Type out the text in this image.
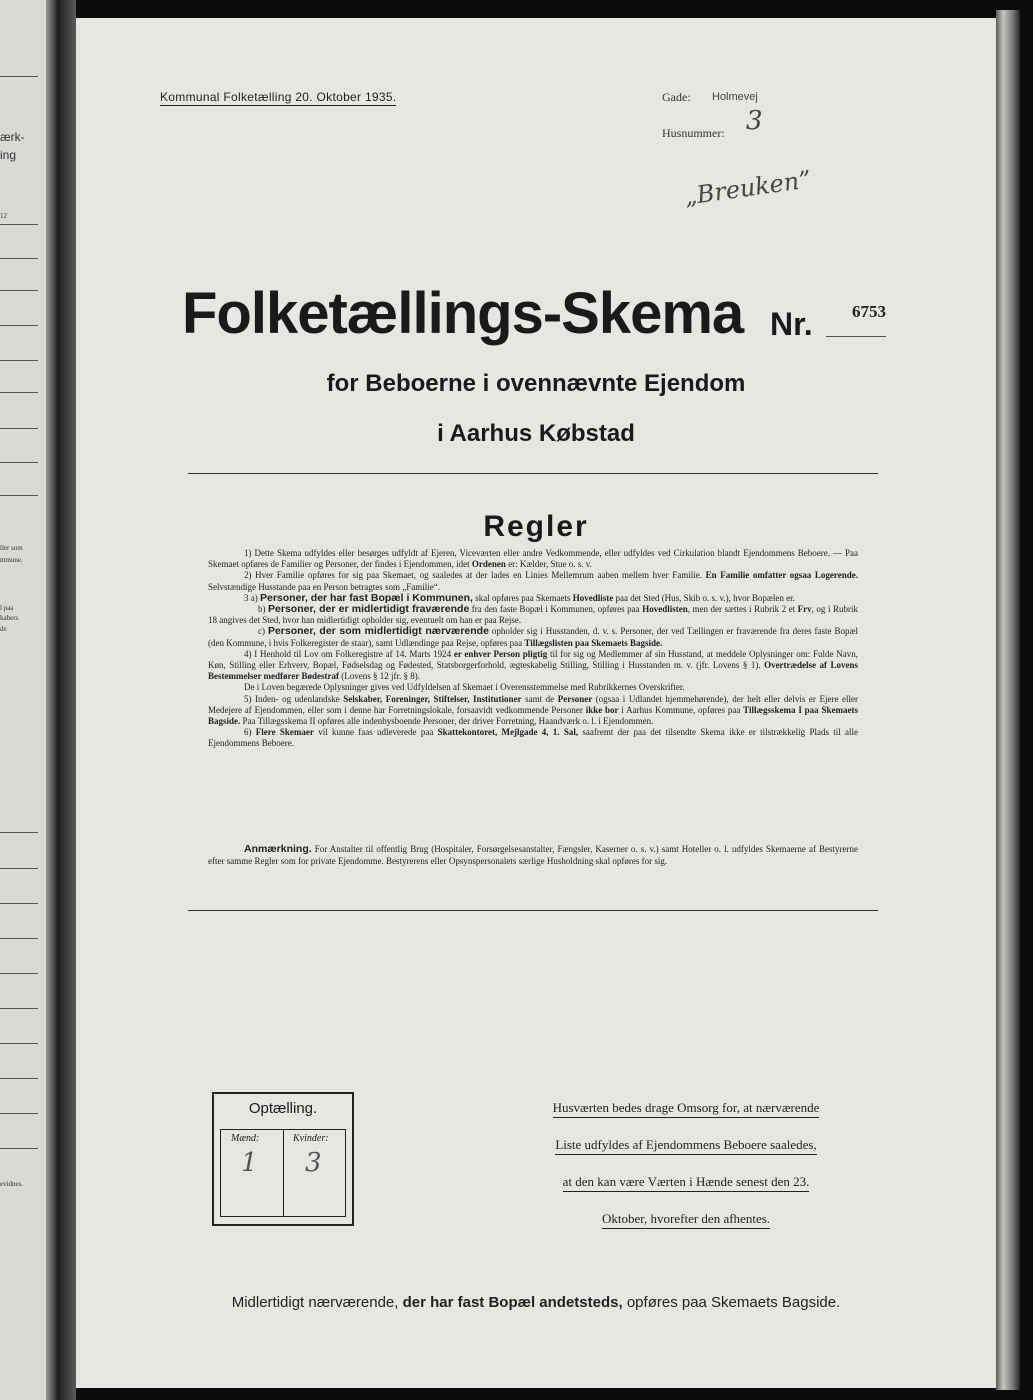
ærk-
ing
12
ller som
mmune.
l paa
kabers
de
evidnes.
Kommunal Folketælling 20. Oktober 1935.	Gade: Holmevej
Husnummer: 3
„Breuken”
Folketællings-Skema Nr. 6753
for Beboerne i ovennævnte Ejendom
i Aarhus Købstad
Regler

1) Dette Skema udfyldes eller besørges udfyldt af Ejeren, Viceværten eller andre Vedkommende, eller udfyldes ved Cirkulation blandt Ejendommens Beboere. — Paa Skemaet opføres de Familier og Personer, der findes i Ejendommen, idet Ordenen er: Kælder, Stue o. s. v.

2) Hver Familie opføres for sig paa Skemaet, og saaledes at der lades en Linies Mellemrum aaben mellem hver Familie. En Familie omfatter ogsaa Logerende. Selvstændige Husstande paa en Person betragtes som „Familie“.

3 a) Personer, der har fast Bopæl i Kommunen, skal opføres paa Skemaets Hovedliste paa det Sted (Hus, Skib o. s. v.), hvor Bopælen er.

b) Personer, der er midlertidigt fraværende fra den faste Bopæl i Kommunen, opføres paa Hovedlisten, men der sættes i Rubrik 2 et Frv, og i Rubrik 18 angives det Sted, hvor han midlertidigt opholder sig, eventuelt om han er paa Rejse.

c) Personer, der som midlertidigt nærværende opholder sig i Husstanden, d. v. s. Personer, der ved Tællingen er fraværende fra deres faste Bopæl (den Kommune, i hvis Folkeregister de staar), samt Udlændinge paa Rejse, opføres paa Tillægslisten paa Skemaets Bagside.

4) I Henhold til Lov om Folkeregistre af 14. Marts 1924 er enhver Person pligtig til for sig og Medlemmer af sin Husstand, at meddele Oplysninger om: Fulde Navn, Køn, Stilling eller Erhverv, Bopæl, Fødselsdag og Fødested, Statsborgerforhold, ægteskabelig Stilling, Stilling i Husstanden m. v. (jfr. Lovens § 1). Overtrædelse af Lovens Bestemmelser medfører Bødestraf (Lovens § 12 jfr. § 8).

De i Loven begærede Oplysninger gives ved Udfyldelsen af Skemaet i Overensstemmelse med Rubrikkernes Overskrifter.

5) Inden- og udenlandske Selskaber, Foreninger, Stiftelser, Institutioner samt de Personer (ogsaa i Udlandet hjemmehørende), der helt eller delvis er Ejere eller Medejere af Ejendommen, eller som i denne har Forretningslokale, forsaavidt vedkommende Personer ikke bor i Aarhus Kommune, opføres paa Tillægsskema I paa Skemaets Bagside. Paa Tillægsskema II opføres alle indenbysboende Personer, der driver Forretning, Haandværk o. l. i Ejendommen.

6) Flere Skemaer vil kunne faas udleverede paa Skattekontoret, Mejlgade 4, 1. Sal, saafremt der paa det tilsendte Skema ikke er tilstrækkelig Plads til alle Ejendommens Beboere.

Anmærkning. For Anstalter til offentlig Brug (Hospitaler, Forsørgelsesanstalter, Fængsler, Kaserner o. s. v.) samt Hoteller o. l. udfyldes Skemaerne af Bestyrerne efter samme Regler som for private Ejendomme. Bestyrerens eller Opsynspersonalets særlige Husholdning skal opføres for sig.

Optælling.
Mænd:	Kvinder:
1 3
Husværten bedes drage Omsorg for, at nærværende
Liste udfyldes af Ejendommens Beboere saaledes,
at den kan være Værten i Hænde senest den 23.
Oktober, hvorefter den afhentes.
Midlertidigt nærværende, der har fast Bopæl andetsteds, opføres paa Skemaets Bagside.
